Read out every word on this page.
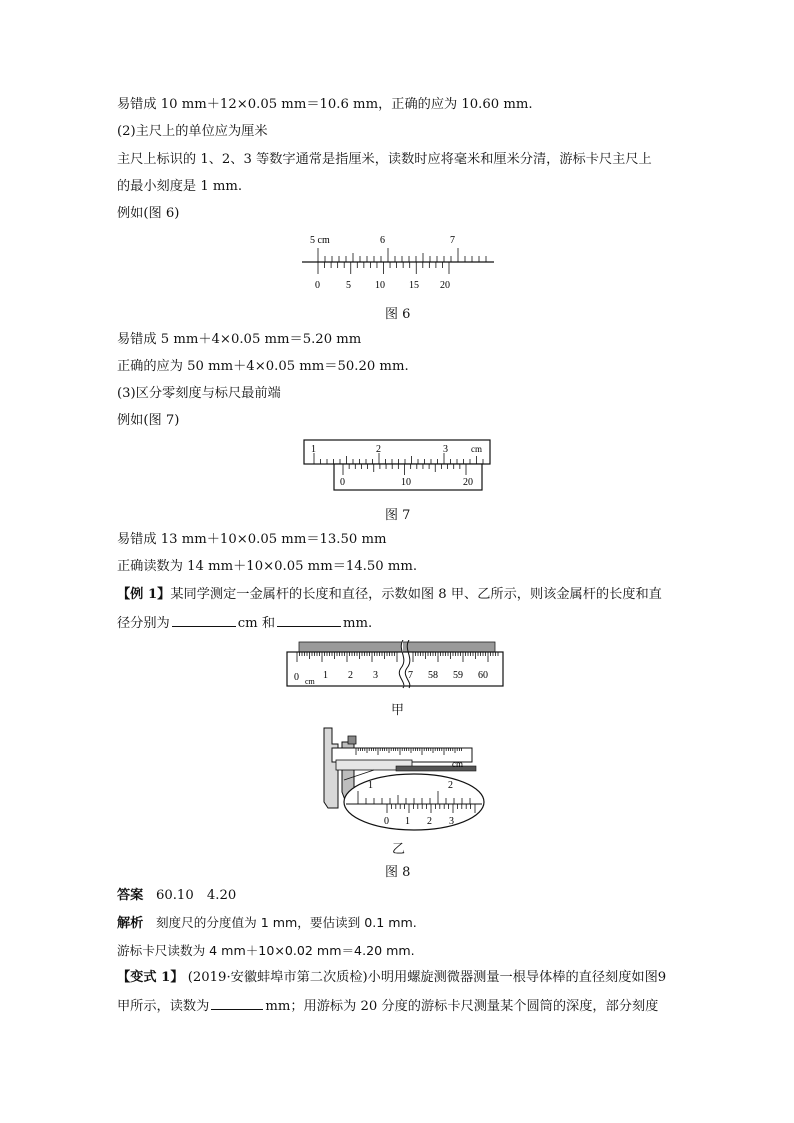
易错成 10 mm＋12×0.05 mm＝10.6 mm，正确的应为 10.60 mm.
(2)主尺上的单位应为厘米
主尺上标识的 1、2、3 等数字通常是指厘米，读数时应将毫米和厘米分清，游标卡尺主尺上
的最小刻度是 1 mm.
例如(图 6)
5 cm	6	7
0	5 10 15 20
图 6
易错成 5 mm＋4×0.05 mm＝5.20 mm
正确的应为 50 mm＋4×0.05 mm＝50.20 mm.
(3)区分零刻度与标尺最前端
例如(图 7)
1	2	3	cm
0	10	20
图 7
易错成 13 mm＋10×0.05 mm＝13.50 mm
正确读数为 14 mm＋10×0.05 mm＝14.50 mm.
【例 1】某同学测定一金属杆的长度和直径，示数如图 8 甲、乙所示，则该金属杆的长度和直
径分别为	cm 和	mm.
0 cm
1 2 3	7 58 59 60
甲
cm
1	2
0 1 2 3
乙
图 8
答案 60.10　4.20
解析 刻度尺的分度值为 1 mm，要估读到 0.1 mm.
游标卡尺读数为 4 mm＋10×0.02 mm＝4.20 mm.
【变式 1】 (2019·安徽蚌埠市第二次质检)小明用螺旋测微器测量一根导体棒的直径刻度如图9
甲所示，读数为	mm；用游标为 20 分度的游标卡尺测量某个圆筒的深度，部分刻度
